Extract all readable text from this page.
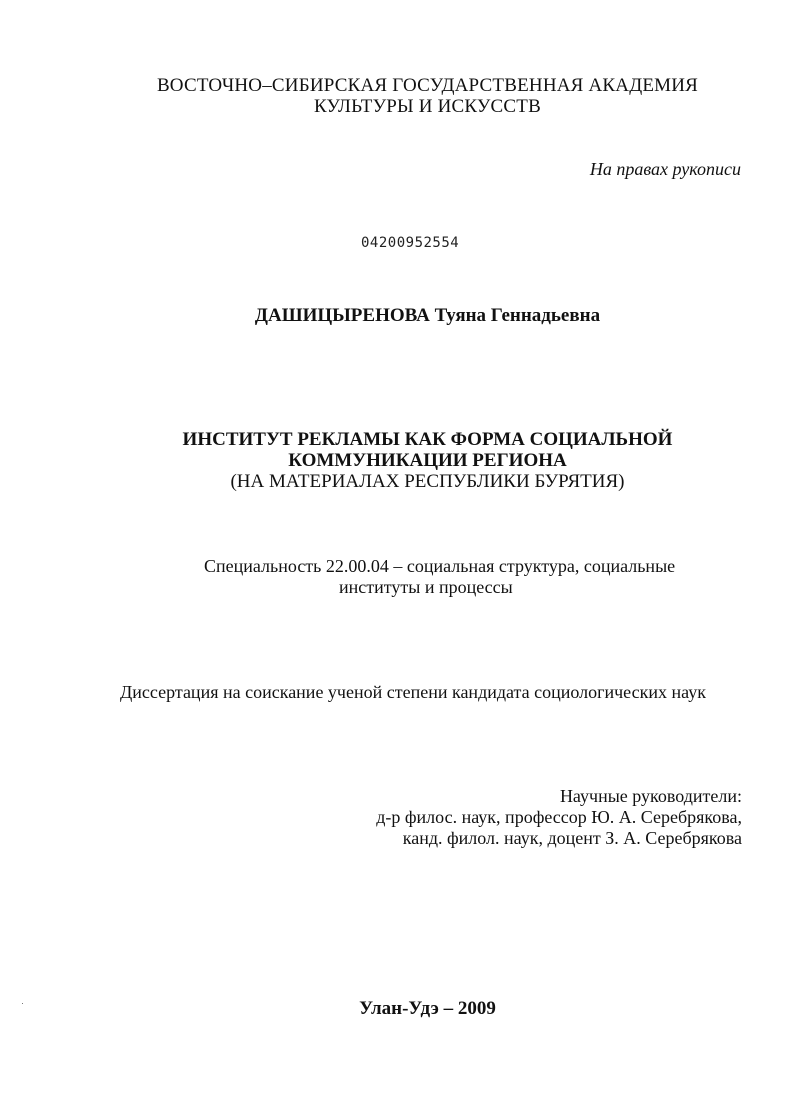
ВОСТОЧНО–СИБИРСКАЯ ГОСУДАРСТВЕННАЯ АКАДЕМИЯ
КУЛЬТУРЫ И ИСКУССТВ
На правах рукописи
04200952554
ДАШИЦЫРЕНОВА Туяна Геннадьевна
ИНСТИТУТ РЕКЛАМЫ КАК ФОРМА СОЦИАЛЬНОЙ
КОММУНИКАЦИИ РЕГИОНА
(НА МАТЕРИАЛАХ РЕСПУБЛИКИ БУРЯТИЯ)
Специальность 22.00.04 – социальная структура, социальные
институты и процессы
Диссертация на соискание ученой степени кандидата социологических наук
Научные руководители:
д-р филос. наук, профессор Ю. А. Серебрякова,
канд. филол. наук, доцент З. А. Серебрякова
Улан-Удэ – 2009
